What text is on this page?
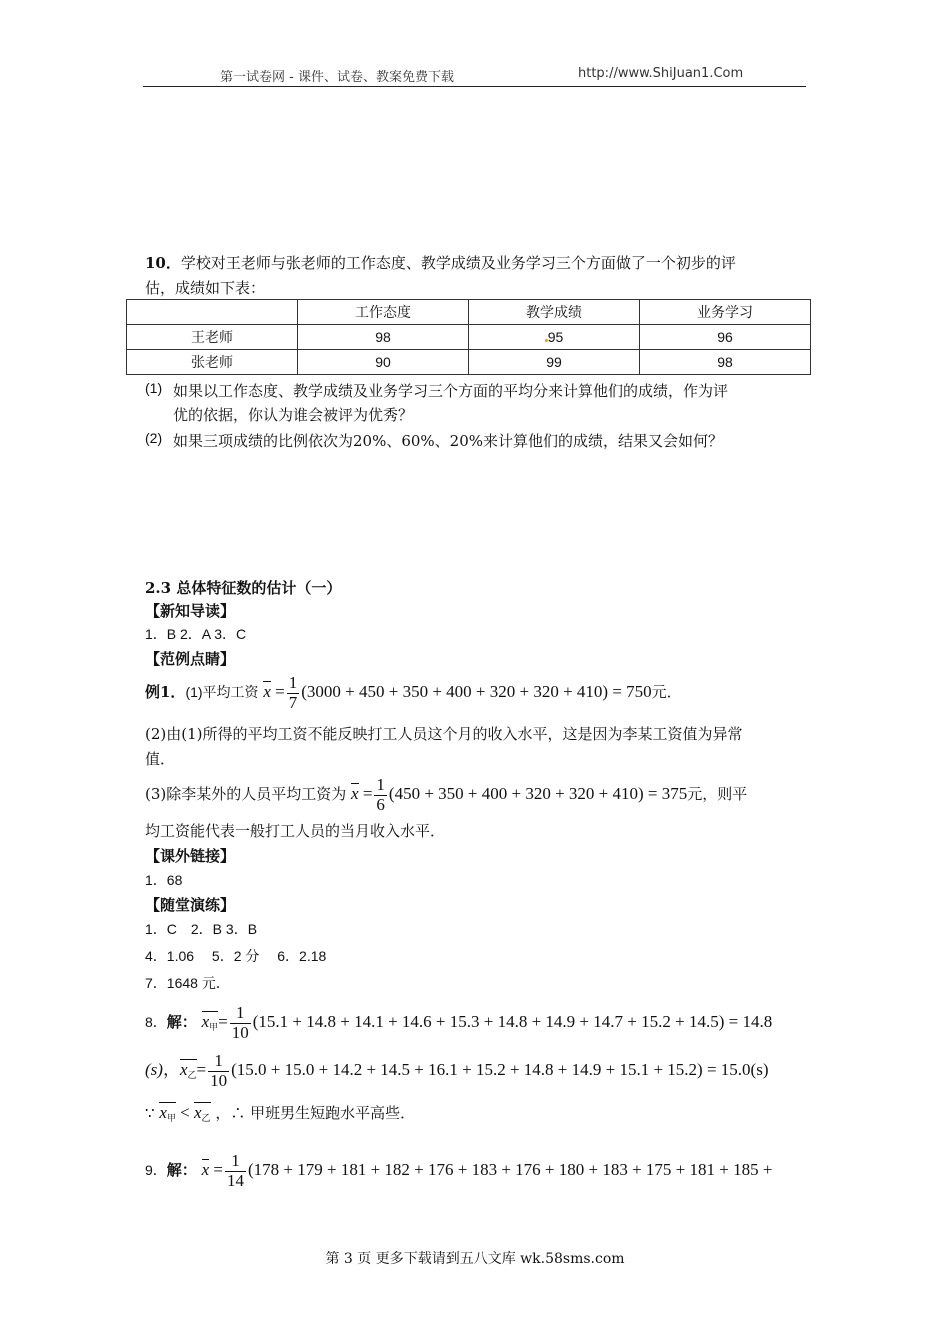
第一试卷网 - 课件、试卷、教案免费下载	http://www.ShiJuan1.Com
10．学校对王老师与张老师的工作态度、教学成绩及业务学习三个方面做了一个初步的评
估，成绩如下表：
	工作态度	教学成绩	业务学习
王老师	98	95	96
张老师	90	99	98
(1) 如果以工作态度、教学成绩及业务学习三个方面的平均分来计算他们的成绩，作为评
优的依据，你认为谁会被评为优秀？
(2) 如果三项成绩的比例依次为20%、60%、20%来计算他们的成绩，结果又会如何？
2.3 总体特征数的估计（一）
【新知导读】
1．B 2．A 3．C
【范例点睛】
例1．(1)平均工资 $x = \frac{1}{7} (3000 + 450 + 350 + 400 + 320 + 320 + 410) = 750$元．
(2)由(1)所得的平均工资不能反映打工人员这个月的收入水平，这是因为李某工资值为异常
值．
(3)除李某外的人员平均工资为 $x = \frac{1}{6} (450 + 350 + 400 + 320 + 320 + 410) = 375$元，则平
均工资能代表一般打工人员的当月收入水平．
【课外链接】
1．68
【随堂演练】
1．C　2．B 3．B
4．1.06　 5．2 分　 6．2.18
7．1648 元．
8．解： $x_甲= \frac{1}{10} (15.1 + 14.8 + 14.1 + 14.6 + 15.3 + 14.8 + 14.9 + 14.7 + 15.2 + 14.5) = 14.8$
(s)，$x_乙= \frac{1}{10} (15.0 + 15.0 + 14.2 + 14.5 + 16.1 + 15.2 + 14.8 + 14.9 + 15.1 + 15.2) = 15.0(s)$
∵ $x_甲 < x_乙$ ，∴ 甲班男生短跑水平高些．
9．解： $x = \frac{1}{14} (178 + 179 + 181 + 182 + 176 + 183 + 176 + 180 + 183 + 175 + 181 + 185$ +
第 3 页 更多下载请到五八文库 wk.58sms.com
